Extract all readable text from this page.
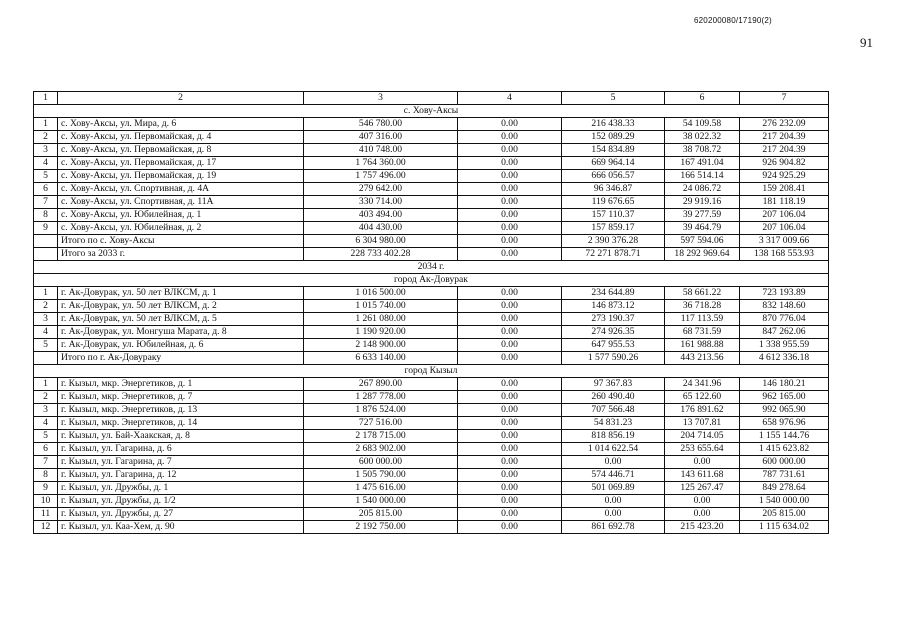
620200080/17190(2)
91
1	2	3	4	5	6	7
с. Хову-Аксы						
1	с. Хову-Аксы, ул. Мира, д. 6	546 780.00	0.00	216 438.33	54 109.58	276 232.09
2	с. Хову-Аксы, ул. Первомайская, д. 4	407 316.00	0.00	152 089.29	38 022.32	217 204.39
3	с. Хову-Аксы, ул. Первомайская, д. 8	410 748.00	0.00	154 834.89	38 708.72	217 204.39
4	с. Хову-Аксы, ул. Первомайская, д. 17	1 764 360.00	0.00	669 964.14	167 491.04	926 904.82
5	с. Хову-Аксы, ул. Первомайская, д. 19	1 757 496.00	0.00	666 056.57	166 514.14	924 925.29
6	с. Хову-Аксы, ул. Спортивная, д. 4А	279 642.00	0.00	96 346.87	24 086.72	159 208.41
7	с. Хову-Аксы, ул. Спортивная, д. 11А	330 714.00	0.00	119 676.65	29 919.16	181 118.19
8	с. Хову-Аксы, ул. Юбилейная, д. 1	403 494.00	0.00	157 110.37	39 277.59	207 106.04
9	с. Хову-Аксы, ул. Юбилейная, д. 2	404 430.00	0.00	157 859.17	39 464.79	207 106.04
	Итого по с. Хову-Аксы	6 304 980.00	0.00	2 390 376.28	597 594.06	3 317 009.66
	Итого за 2033 г.	228 733 402.28	0.00	72 271 878.71	18 292 969.64	138 168 553.93
2034 г.						
город Ак-Довурак						
1	г. Ак-Довурак, ул. 50 лет ВЛКСМ, д. 1	1 016 500.00	0.00	234 644.89	58 661.22	723 193.89
2	г. Ак-Довурак, ул. 50 лет ВЛКСМ, д. 2	1 015 740.00	0.00	146 873.12	36 718.28	832 148.60
3	г. Ак-Довурак, ул. 50 лет ВЛКСМ, д. 5	1 261 080.00	0.00	273 190.37	117 113.59	870 776.04
4	г. Ак-Довурак, ул. Монгуша Марата, д. 8	1 190 920.00	0.00	274 926.35	68 731.59	847 262.06
5	г. Ак-Довурак, ул. Юбилейная, д. 6	2 148 900.00	0.00	647 955.53	161 988.88	1 338 955.59
	Итого по г. Ак-Довураку	6 633 140.00	0.00	1 577 590.26	443 213.56	4 612 336.18
город Кызыл						
1	г. Кызыл, мкр. Энергетиков, д. 1	267 890.00	0.00	97 367.83	24 341.96	146 180.21
2	г. Кызыл, мкр. Энергетиков, д. 7	1 287 778.00	0.00	260 490.40	65 122.60	962 165.00
3	г. Кызыл, мкр. Энергетиков, д. 13	1 876 524.00	0.00	707 566.48	176 891.62	992 065.90
4	г. Кызыл, мкр. Энергетиков, д. 14	727 516.00	0.00	54 831.23	13 707.81	658 976.96
5	г. Кызыл, ул. Бай-Хаакская, д. 8	2 178 715.00	0.00	818 856.19	204 714.05	1 155 144.76
6	г. Кызыл, ул. Гагарина, д. 6	2 683 902.00	0.00	1 014 622.54	253 655.64	1 415 623.82
7	г. Кызыл, ул. Гагарина, д. 7	600 000.00	0.00	0.00	0.00	600 000.00
8	г. Кызыл, ул. Гагарина, д. 12	1 505 790.00	0.00	574 446.71	143 611.68	787 731.61
9	г. Кызыл, ул. Дружбы, д. 1	1 475 616.00	0.00	501 069.89	125 267.47	849 278.64
10	г. Кызыл, ул. Дружбы, д. 1/2	1 540 000.00	0.00	0.00	0.00	1 540 000.00
11	г. Кызыл, ул. Дружбы, д. 27	205 815.00	0.00	0.00	0.00	205 815.00
12	г. Кызыл, ул. Каа-Хем, д. 90	2 192 750.00	0.00	861 692.78	215 423.20	1 115 634.02
